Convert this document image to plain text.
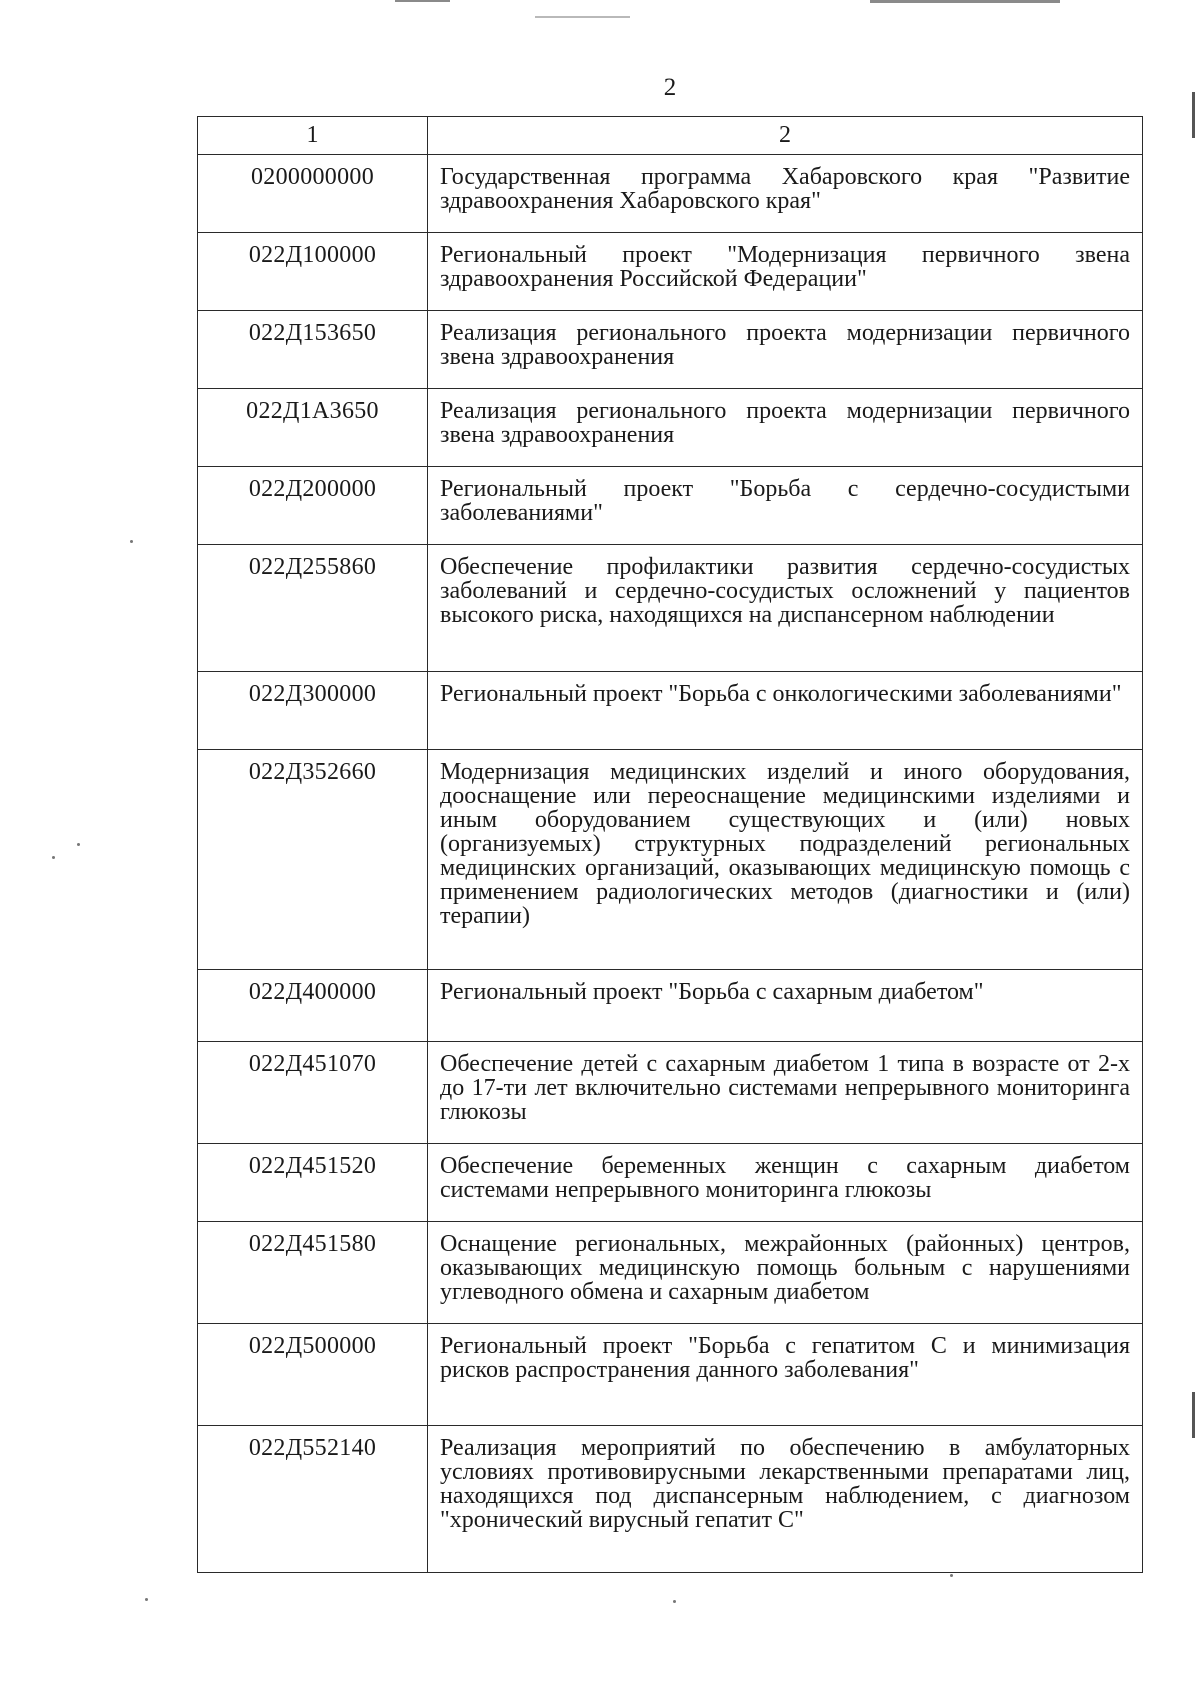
2
1	2
0200000000	Государственная программа Хабаровского края "Развитие здравоохранения Хабаровского края"
022Д100000	Региональный проект "Модернизация первичного звена здравоохранения Российской Федерации"
022Д153650	Реализация регионального проекта модернизации первичного звена здравоохранения
022Д1А3650	Реализация регионального проекта модернизации первичного звена здравоохранения
022Д200000	Региональный проект "Борьба с сердечно-сосудистыми заболеваниями"
022Д255860	Обеспечение профилактики развития сердечно-сосудистых заболеваний и сердечно-сосудистых осложнений у пациентов высокого риска, находящихся на диспансерном наблюдении
022Д300000	Региональный проект "Борьба с онкологическими заболеваниями"
022Д352660	Модернизация медицинских изделий и иного оборудования, дооснащение или переоснащение медицинскими изделиями и иным оборудованием существующих и (или) новых (организуемых) структурных подразделений региональных медицинских организаций, оказывающих медицинскую помощь с применением радиологических методов (диагностики и (или) терапии)
022Д400000	Региональный проект "Борьба с сахарным диабетом"
022Д451070	Обеспечение детей с сахарным диабетом 1 типа в возрасте от 2-х до 17-ти лет включительно системами непрерывного мониторинга глюкозы
022Д451520	Обеспечение беременных женщин с сахарным диабетом системами непрерывного мониторинга глюкозы
022Д451580	Оснащение региональных, межрайонных (районных) центров, оказывающих медицинскую помощь больным с нарушениями углеводного обмена и сахарным диабетом
022Д500000	Региональный проект "Борьба с гепатитом С и минимизация рисков распространения данного заболевания"
022Д552140	Реализация мероприятий по обеспечению в амбулаторных условиях противовирусными лекарственными препаратами лиц, находящихся под диспансерным наблюдением, с диагнозом "хронический вирусный гепатит С"
